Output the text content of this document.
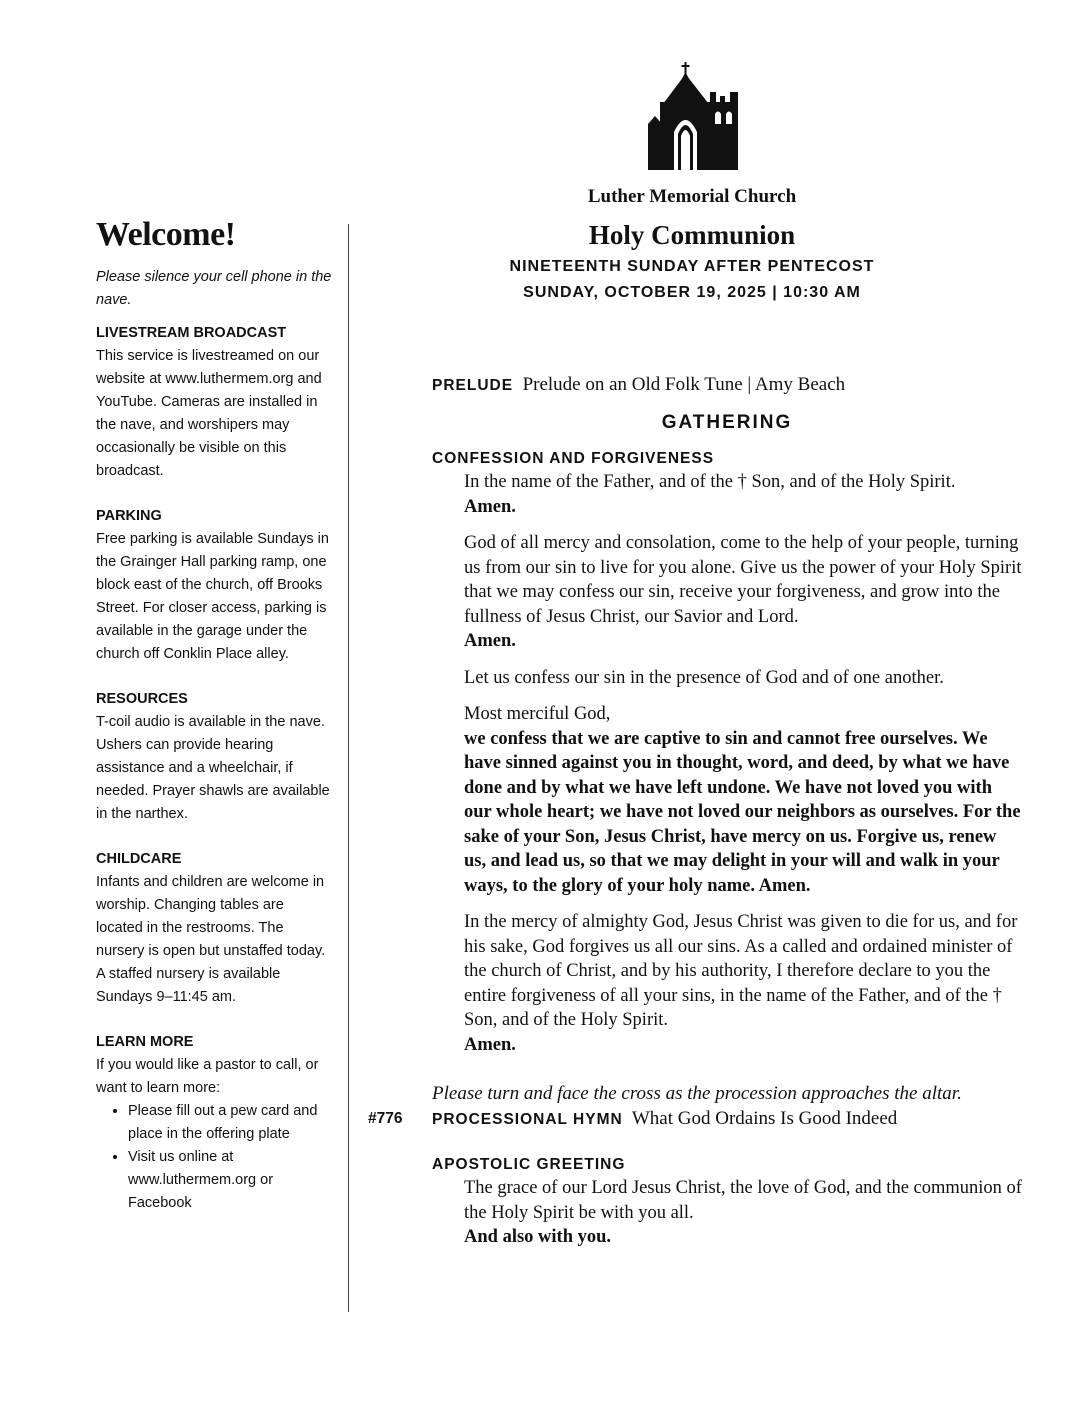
Welcome!

Please silence your cell phone in the nave.

LIVESTREAM BROADCAST

This service is livestreamed on our website at www.luthermem.org and YouTube. Cameras are installed in the nave, and worshipers may occasionally be visible on this broadcast.

PARKING

Free parking is available Sundays in the Grainger Hall parking ramp, one block east of the church, off Brooks Street. For closer access, parking is available in the garage under the church off Conklin Place alley.

RESOURCES

T-coil audio is available in the nave. Ushers can provide hearing assistance and a wheelchair, if needed. Prayer shawls are available in the narthex.

CHILDCARE

Infants and children are welcome in worship. Changing tables are located in the restrooms. The nursery is open but unstaffed today. A staffed nursery is available Sundays 9–11:45 am.

LEARN MORE

If you would like a pastor to call, or want to learn more:

• Please fill out a pew card and place in the offering plate
• Visit us online at www.luthermem.org or Facebook
Luther Memorial Church
Holy Communion
NINETEENTH SUNDAY AFTER PENTECOST
SUNDAY, OCTOBER 19, 2025 | 10:30 AM
PRELUDE Prelude on an Old Folk Tune | Amy Beach
GATHERING
CONFESSION AND FORGIVENESS

In the name of the Father, and of the † Son, and of the Holy Spirit.

Amen.

God of all mercy and consolation, come to the help of your people, turning us from our sin to live for you alone. Give us the power of your Holy Spirit that we may confess our sin, receive your forgiveness, and grow into the fullness of Jesus Christ, our Savior and Lord.

Amen.

Let us confess our sin in the presence of God and of one another.

Most merciful God,

we confess that we are captive to sin and cannot free ourselves. We have sinned against you in thought, word, and deed, by what we have done and by what we have left undone. We have not loved you with our whole heart; we have not loved our neighbors as ourselves. For the sake of your Son, Jesus Christ, have mercy on us. Forgive us, renew us, and lead us, so that we may delight in your will and walk in your ways, to the glory of your holy name. Amen.

In the mercy of almighty God, Jesus Christ was given to die for us, and for his sake, God forgives us all our sins. As a called and ordained minister of the church of Christ, and by his authority, I therefore declare to you the entire forgiveness of all your sins, in the name of the Father, and of the † Son, and of the Holy Spirit.

Amen.

Please turn and face the cross as the procession approaches the altar.
#776 PROCESSIONAL HYMN What God Ordains Is Good Indeed
APOSTOLIC GREETING

The grace of our Lord Jesus Christ, the love of God, and the communion of the Holy Spirit be with you all.

And also with you.
